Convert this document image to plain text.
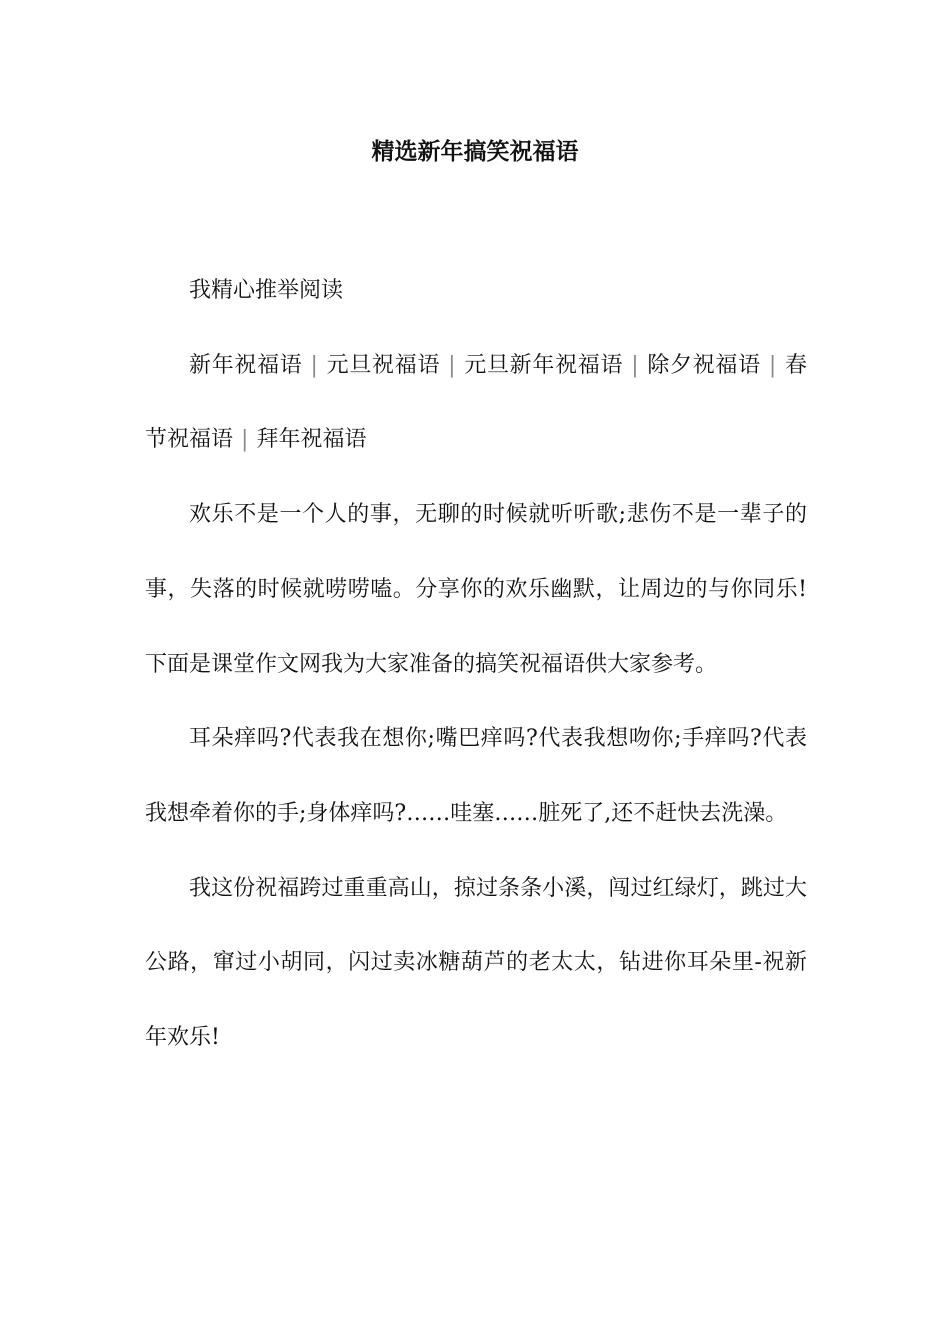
精选新年搞笑祝福语

我精心推举阅读

新年祝福语 | 元旦祝福语 | 元旦新年祝福语 | 除夕祝福语 | 春节祝福语 | 拜年祝福语

欢乐不是一个人的事，无聊的时候就听听歌;悲伤不是一辈子的事，失落的时候就唠唠嗑。分享你的欢乐幽默，让周边的与你同乐!下面是课堂作文网我为大家准备的搞笑祝福语供大家参考。

耳朵痒吗?代表我在想你;嘴巴痒吗?代表我想吻你;手痒吗?代表我想牵着你的手;身体痒吗?……哇塞……脏死了,还不赶快去洗澡。

我这份祝福跨过重重高山，掠过条条小溪，闯过红绿灯，跳过大公路，窜过小胡同，闪过卖冰糖葫芦的老太太，钻进你耳朵里-祝新年欢乐!
